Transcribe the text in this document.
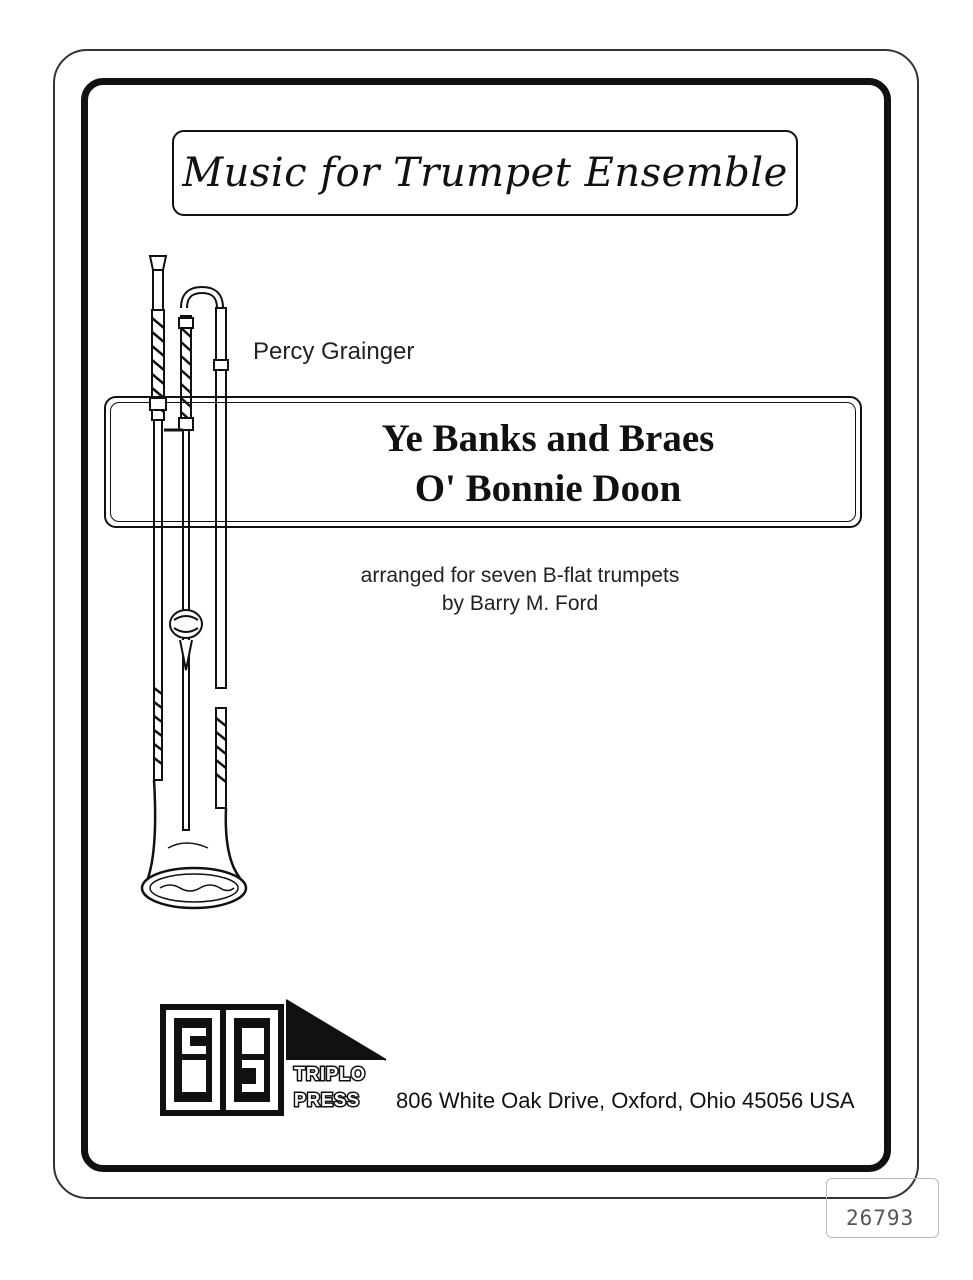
Music for Trumpet Ensemble
Percy Grainger
Ye Banks and Braes
O' Bonnie Doon
arranged for seven B-flat trumpets
by Barry M. Ford
TRIPLO
PRESS 806 White Oak Drive, Oxford, Ohio 45056 USA
26793
